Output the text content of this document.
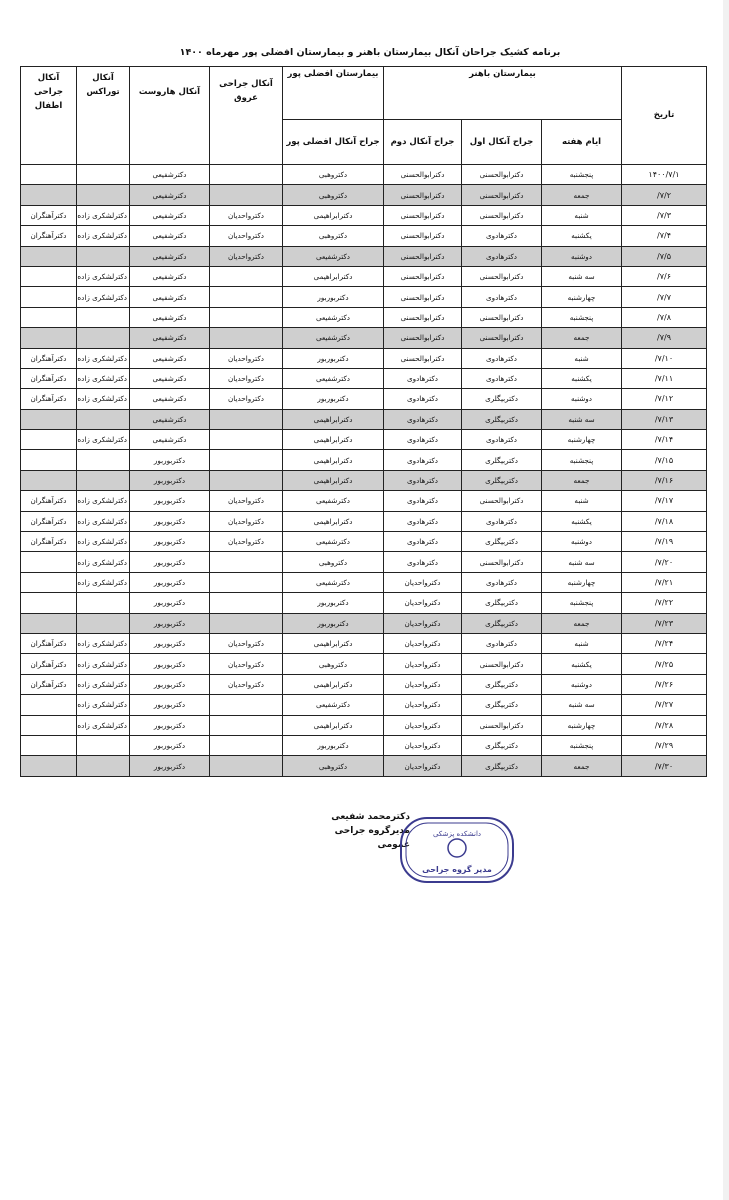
برنامه کشیک جراحان آنکال بیمارستان باهنر و بیمارستان افضلی پور مهرماه ۱۴۰۰
تاریخ	بیمارستان باهنر			بیمارستان افضلی پور	آنکال جراحی عروق	آنکال هاروست	آنکال توراکس	آنکال جراحی اطفال
	ایام هفته	جراح آنکال اول	جراح آنکال دوم	جراح آنکال افضلی پور				
۱۴۰۰/۷/۱	پنجشنبه	دکترابوالحسنی	دکترابوالحسنی	دکتروهبی		دکترشفیعی		
/۷/۲	جمعه	دکترابوالحسنی	دکترابوالحسنی	دکتروهبی		دکترشفیعی		
/۷/۳	شنبه	دکترابوالحسنی	دکترابوالحسنی	دکترابراهیمی	دکترواحدیان	دکترشفیعی	دکترلشکری زاده	دکترآهنگران
/۷/۴	یکشنبه	دکترهادوی	دکترابوالحسنی	دکتروهبی	دکترواحدیان	دکترشفیعی	دکترلشکری زاده	دکترآهنگران
/۷/۵	دوشنبه	دکترهادوی	دکترابوالحسنی	دکترشفیعی	دکترواحدیان	دکترشفیعی		
/۷/۶	سه شنبه	دکترابوالحسنی	دکترابوالحسنی	دکترابراهیمی		دکترشفیعی	دکترلشکری زاده	
/۷/۷	چهارشنبه	دکترهادوی	دکترابوالحسنی	دکتربوربور		دکترشفیعی	دکترلشکری زاده	
/۷/۸	پنجشنبه	دکترابوالحسنی	دکترابوالحسنی	دکترشفیعی		دکترشفیعی		
/۷/۹	جمعه	دکترابوالحسنی	دکترابوالحسنی	دکترشفیعی		دکترشفیعی		
/۷/۱۰	شنبه	دکترهادوی	دکترابوالحسنی	دکتربوربور	دکترواحدیان	دکترشفیعی	دکترلشکری زاده	دکترآهنگران
/۷/۱۱	یکشنبه	دکترهادوی	دکترهادوی	دکترشفیعی	دکترواحدیان	دکترشفیعی	دکترلشکری زاده	دکترآهنگران
/۷/۱۲	دوشنبه	دکتربیگلری	دکترهادوی	دکتربوربور	دکترواحدیان	دکترشفیعی	دکترلشکری زاده	دکترآهنگران
/۷/۱۳	سه شنبه	دکتربیگلری	دکترهادوی	دکترابراهیمی		دکترشفیعی		
/۷/۱۴	چهارشنبه	دکترهادوی	دکترهادوی	دکترابراهیمی		دکترشفیعی	دکترلشکری زاده	
/۷/۱۵	پنجشنبه	دکتربیگلری	دکترهادوی	دکترابراهیمی		دکتربوربور		
/۷/۱۶	جمعه	دکتربیگلری	دکترهادوی	دکترابراهیمی		دکتربوربور		
/۷/۱۷	شنبه	دکترابوالحسنی	دکترهادوی	دکترشفیعی	دکترواحدیان	دکتربوربور	دکترلشکری زاده	دکترآهنگران
/۷/۱۸	یکشنبه	دکترهادوی	دکترهادوی	دکترابراهیمی	دکترواحدیان	دکتربوربور	دکترلشکری زاده	دکترآهنگران
/۷/۱۹	دوشنبه	دکتربیگلری	دکترهادوی	دکترشفیعی	دکترواحدیان	دکتربوربور	دکترلشکری زاده	دکترآهنگران
/۷/۲۰	سه شنبه	دکترابوالحسنی	دکترهادوی	دکتروهبی		دکتربوربور	دکترلشکری زاده	
/۷/۲۱	چهارشنبه	دکترهادوی	دکترواحدیان	دکترشفیعی		دکتربوربور	دکترلشکری زاده	
/۷/۲۲	پنجشنبه	دکتربیگلری	دکترواحدیان	دکتربوربور		دکتربوربور		
/۷/۲۳	جمعه	دکتربیگلری	دکترواحدیان	دکتربوربور		دکتربوربور		
/۷/۲۴	شنبه	دکترهادوی	دکترواحدیان	دکترابراهیمی	دکترواحدیان	دکتربوربور	دکترلشکری زاده	دکترآهنگران
/۷/۲۵	یکشنبه	دکترابوالحسنی	دکترواحدیان	دکتروهبی	دکترواحدیان	دکتربوربور	دکترلشکری زاده	دکترآهنگران
/۷/۲۶	دوشنبه	دکتربیگلری	دکترواحدیان	دکترابراهیمی	دکترواحدیان	دکتربوربور	دکترلشکری زاده	دکترآهنگران
/۷/۲۷	سه شنبه	دکتربیگلری	دکترواحدیان	دکترشفیعی		دکتربوربور	دکترلشکری زاده	
/۷/۲۸	چهارشنبه	دکترابوالحسنی	دکترواحدیان	دکترابراهیمی		دکتربوربور	دکترلشکری زاده	
/۷/۲۹	پنجشنبه	دکتربیگلری	دکترواحدیان	دکتربوربور		دکتربوربور		
/۷/۳۰	جمعه	دکتربیگلری	دکترواحدیان	دکتروهبی		دکتربوربور		
دکترمحمد شفیعی
مدیرگروه جراحی عمومی
دانشکده پزشکی
مدیر گروه جراحی
